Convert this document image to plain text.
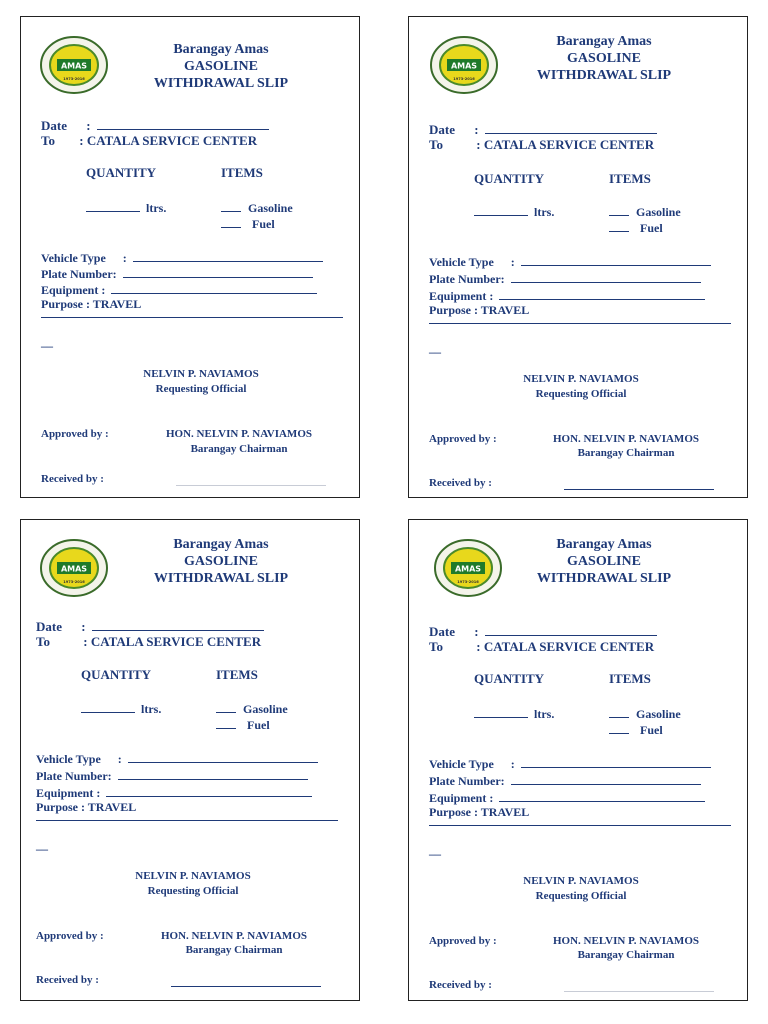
AMAS
1973-2016
Barangay Amas
GASOLINE
WITHDRAWAL SLIP
Date :
To : CATALA SERVICE CENTER
QUANTITY	ITEMS
ltrs.	Gasoline
Fuel
Vehicle Type :
Plate Number:
Equipment :
Purpose : TRAVEL
__
NELVIN P. NAVIAMOS
Requesting Official
Approved by :	HON. NELVIN P. NAVIAMOS
Barangay Chairman
Received by :
AMAS
1973-2016
Barangay Amas
GASOLINE
WITHDRAWAL SLIP
Date :
To	: CATALA SERVICE CENTER
QUANTITY	ITEMS
ltrs.	Gasoline
Fuel
Vehicle Type :
Plate Number:
Equipment :
Purpose : TRAVEL
__
NELVIN P. NAVIAMOS
Requesting Official
Approved by :	HON. NELVIN P. NAVIAMOS
Barangay Chairman
Received by :
AMAS
1973-2016
Barangay Amas
GASOLINE
WITHDRAWAL SLIP
Date :
To	: CATALA SERVICE CENTER
QUANTITY	ITEMS
ltrs.	Gasoline
Fuel
Vehicle Type :
Plate Number:
Equipment :
Purpose : TRAVEL
__
NELVIN P. NAVIAMOS
Requesting Official
Approved by :	HON. NELVIN P. NAVIAMOS
Barangay Chairman
Received by :
AMAS
1973-2016
Barangay Amas
GASOLINE
WITHDRAWAL SLIP
Date :
To	: CATALA SERVICE CENTER
QUANTITY	ITEMS
ltrs.	Gasoline
Fuel
Vehicle Type :
Plate Number:
Equipment :
Purpose : TRAVEL
__
NELVIN P. NAVIAMOS
Requesting Official
Approved by :	HON. NELVIN P. NAVIAMOS
Barangay Chairman
Received by :
